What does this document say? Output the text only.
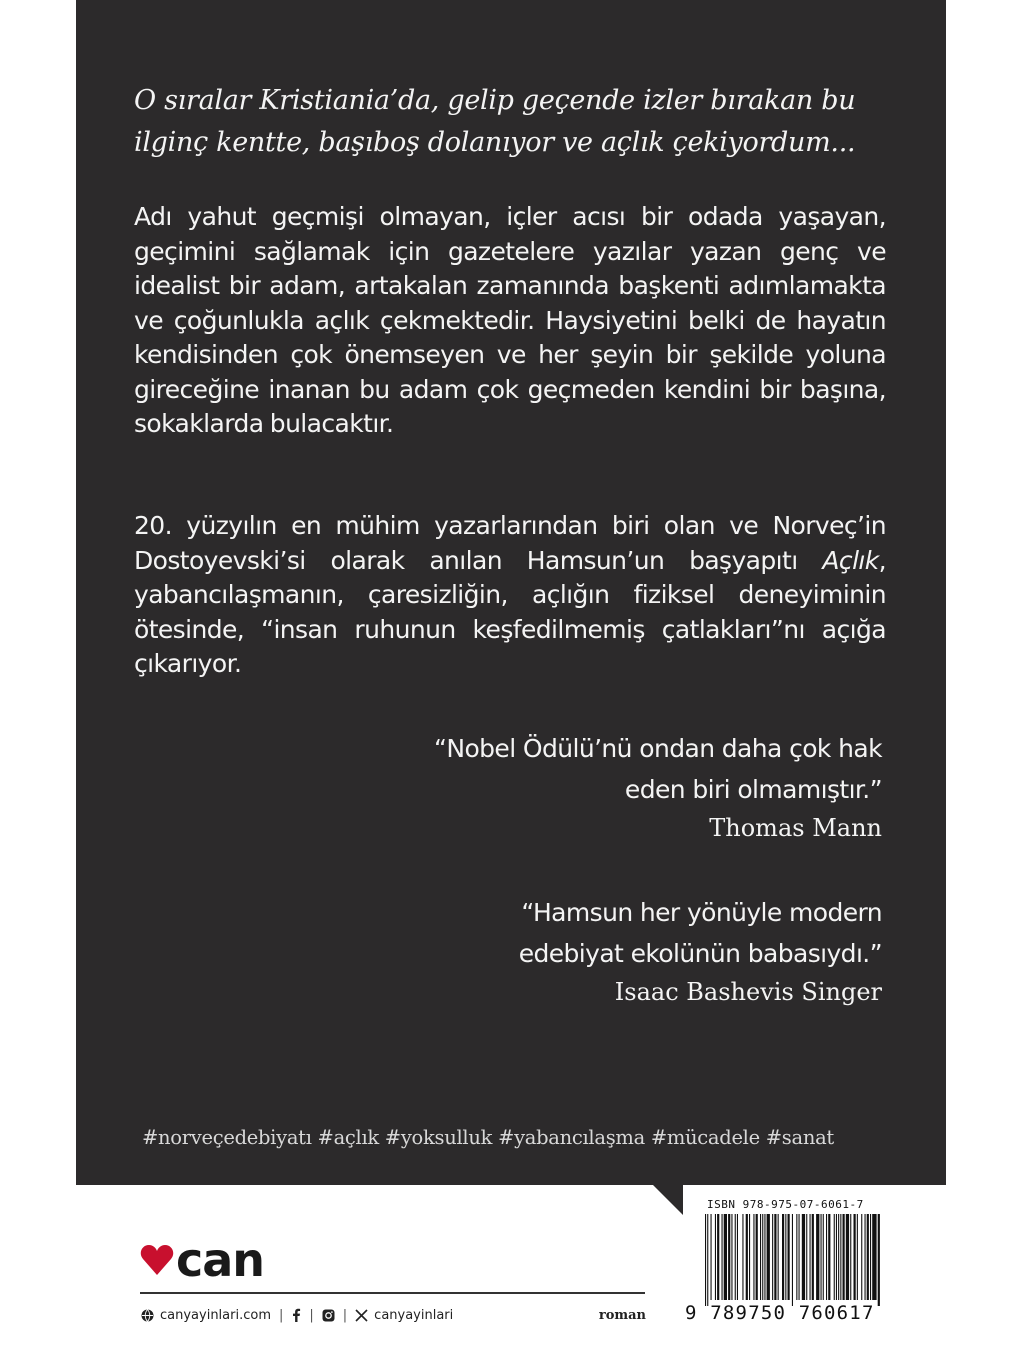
O sıralar Kristiania’da, gelip geçende izler bırakan bu ilginç kentte, başıboş dolanıyor ve açlık çekiyordum...

Adı yahut geçmişi olmayan, içler acısı bir odada yaşayan, geçimini sağlamak için gazetelere yazılar yazan genç ve idealist bir adam, artakalan zamanında başkenti adımlamakta ve çoğunlukla açlık çekmektedir. Haysiyetini belki de hayatın kendisinden çok önemseyen ve her şeyin bir şekilde yoluna gireceğine inanan bu adam çok geçmeden kendini bir başına, sokaklarda bulacaktır.

20. yüzyılın en mühim yazarlarından biri olan ve Norveç’in Dostoyevski’si olarak anılan Hamsun’un başyapıtı Açlık, yabancılaşmanın, çaresizliğin, açlığın fiziksel deneyiminin ötesinde, “insan ruhunun keşfedilmemiş çatlakları”nı açığa çıkarıyor.

“Nobel Ödülü’nü ondan daha çok hak
eden biri olmamıştır.”
Thomas Mann
“Hamsun her yönüyle modern
edebiyat ekolünün babasıydı.”
Isaac Bashevis Singer
#norveçedebiyatı #açlık #yoksulluk #yabancılaşma #mücadele #sanat
can
canyayinlari.com | | | canyayinlari	roman
ISBN 978-975-07-6061-7
9 789750 760617
